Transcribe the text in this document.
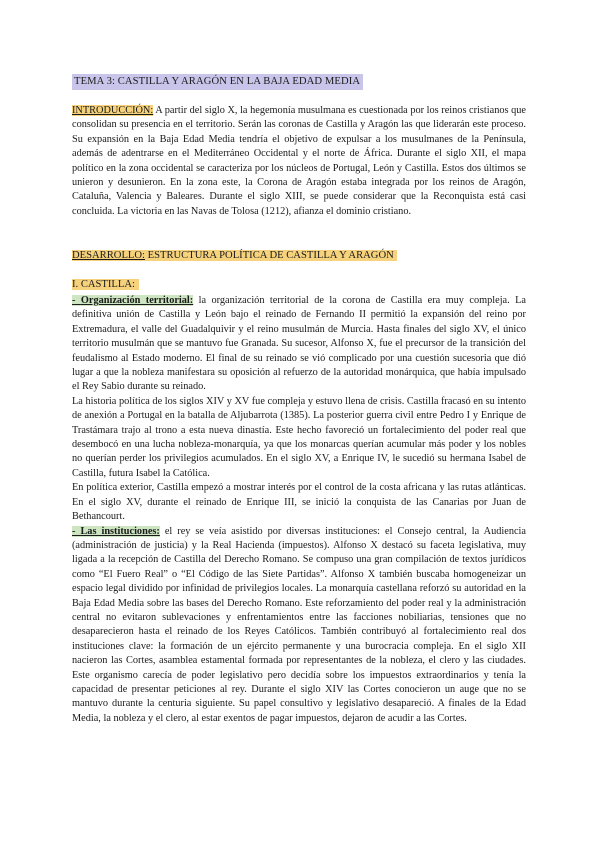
TEMA 3: CASTILLA Y ARAGÓN EN LA BAJA EDAD MEDIA
INTRODUCCIÓN: A partir del siglo X, la hegemonía musulmana es cuestionada por los reinos cristianos que consolidan su presencia en el territorio. Serán las coronas de Castilla y Aragón las que liderarán este proceso. Su expansión en la Baja Edad Media tendría el objetivo de expulsar a los musulmanes de la Península, además de adentrarse en el Mediterráneo Occidental y el norte de África. Durante el siglo XII, el mapa político en la zona occidental se caracteriza por los núcleos de Portugal, León y Castilla. Estos dos últimos se unieron y desunieron. En la zona este, la Corona de Aragón estaba integrada por los reinos de Aragón, Cataluña, Valencia y Baleares. Durante el siglo XIII, se puede considerar que la Reconquista está casi concluida. La victoria en las Navas de Tolosa (1212), afianza el dominio cristiano.
DESARROLLO: ESTRUCTURA POLÍTICA DE CASTILLA Y ARAGÓN
I. CASTILLA:

- Organización territorial: la organización territorial de la corona de Castilla era muy compleja. La definitiva unión de Castilla y León bajo el reinado de Fernando II permitió la expansión del reino por Extremadura, el valle del Guadalquivir y el reino musulmán de Murcia. Hasta finales del siglo XV, el único territorio musulmán que se mantuvo fue Granada. Su sucesor, Alfonso X, fue el precursor de la transición del feudalismo al Estado moderno. El final de su reinado se vió complicado por una cuestión sucesoria que dió lugar a que la nobleza manifestara su oposición al refuerzo de la autoridad monárquica, que había impulsado el Rey Sabio durante su reinado.

La historia política de los siglos XIV y XV fue compleja y estuvo llena de crisis. Castilla fracasó en su intento de anexión a Portugal en la batalla de Aljubarrota (1385). La posterior guerra civil entre Pedro I y Enrique de Trastámara trajo al trono a esta nueva dinastía. Este hecho favoreció un fortalecimiento del poder real que desembocó en una lucha nobleza-monarquía, ya que los monarcas querían acumular más poder y los nobles no querían perder los privilegios acumulados. En el siglo XV, a Enrique IV, le sucedió su hermana Isabel de Castilla, futura Isabel la Católica.

En política exterior, Castilla empezó a mostrar interés por el control de la costa africana y las rutas atlánticas. En el siglo XV, durante el reinado de Enrique III, se inició la conquista de las Canarias por Juan de Bethancourt.

- Las instituciones: el rey se veía asistido por diversas instituciones: el Consejo central, la Audiencia (administración de justicia) y la Real Hacienda (impuestos). Alfonso X destacó su faceta legislativa, muy ligada a la recepción de Castilla del Derecho Romano. Se compuso una gran compilación de textos jurídicos como “El Fuero Real” o “El Código de las Siete Partidas”. Alfonso X también buscaba homogeneizar un espacio legal dividido por infinidad de privilegios locales. La monarquía castellana reforzó su autoridad en la Baja Edad Media sobre las bases del Derecho Romano. Este reforzamiento del poder real y la administración central no evitaron sublevaciones y enfrentamientos entre las facciones nobiliarias, tensiones que no desaparecieron hasta el reinado de los Reyes Católicos. También contribuyó al fortalecimiento real dos instituciones clave: la formación de un ejército permanente y una burocracia compleja. En el siglo XII nacieron las Cortes, asamblea estamental formada por representantes de la nobleza, el clero y las ciudades. Este organismo carecía de poder legislativo pero decidía sobre los impuestos extraordinarios y tenía la capacidad de presentar peticiones al rey. Durante el siglo XIV las Cortes conocieron un auge que no se mantuvo durante la centuria siguiente. Su papel consultivo y legislativo desapareció. A finales de la Edad Media, la nobleza y el clero, al estar exentos de pagar impuestos, dejaron de acudir a las Cortes.
